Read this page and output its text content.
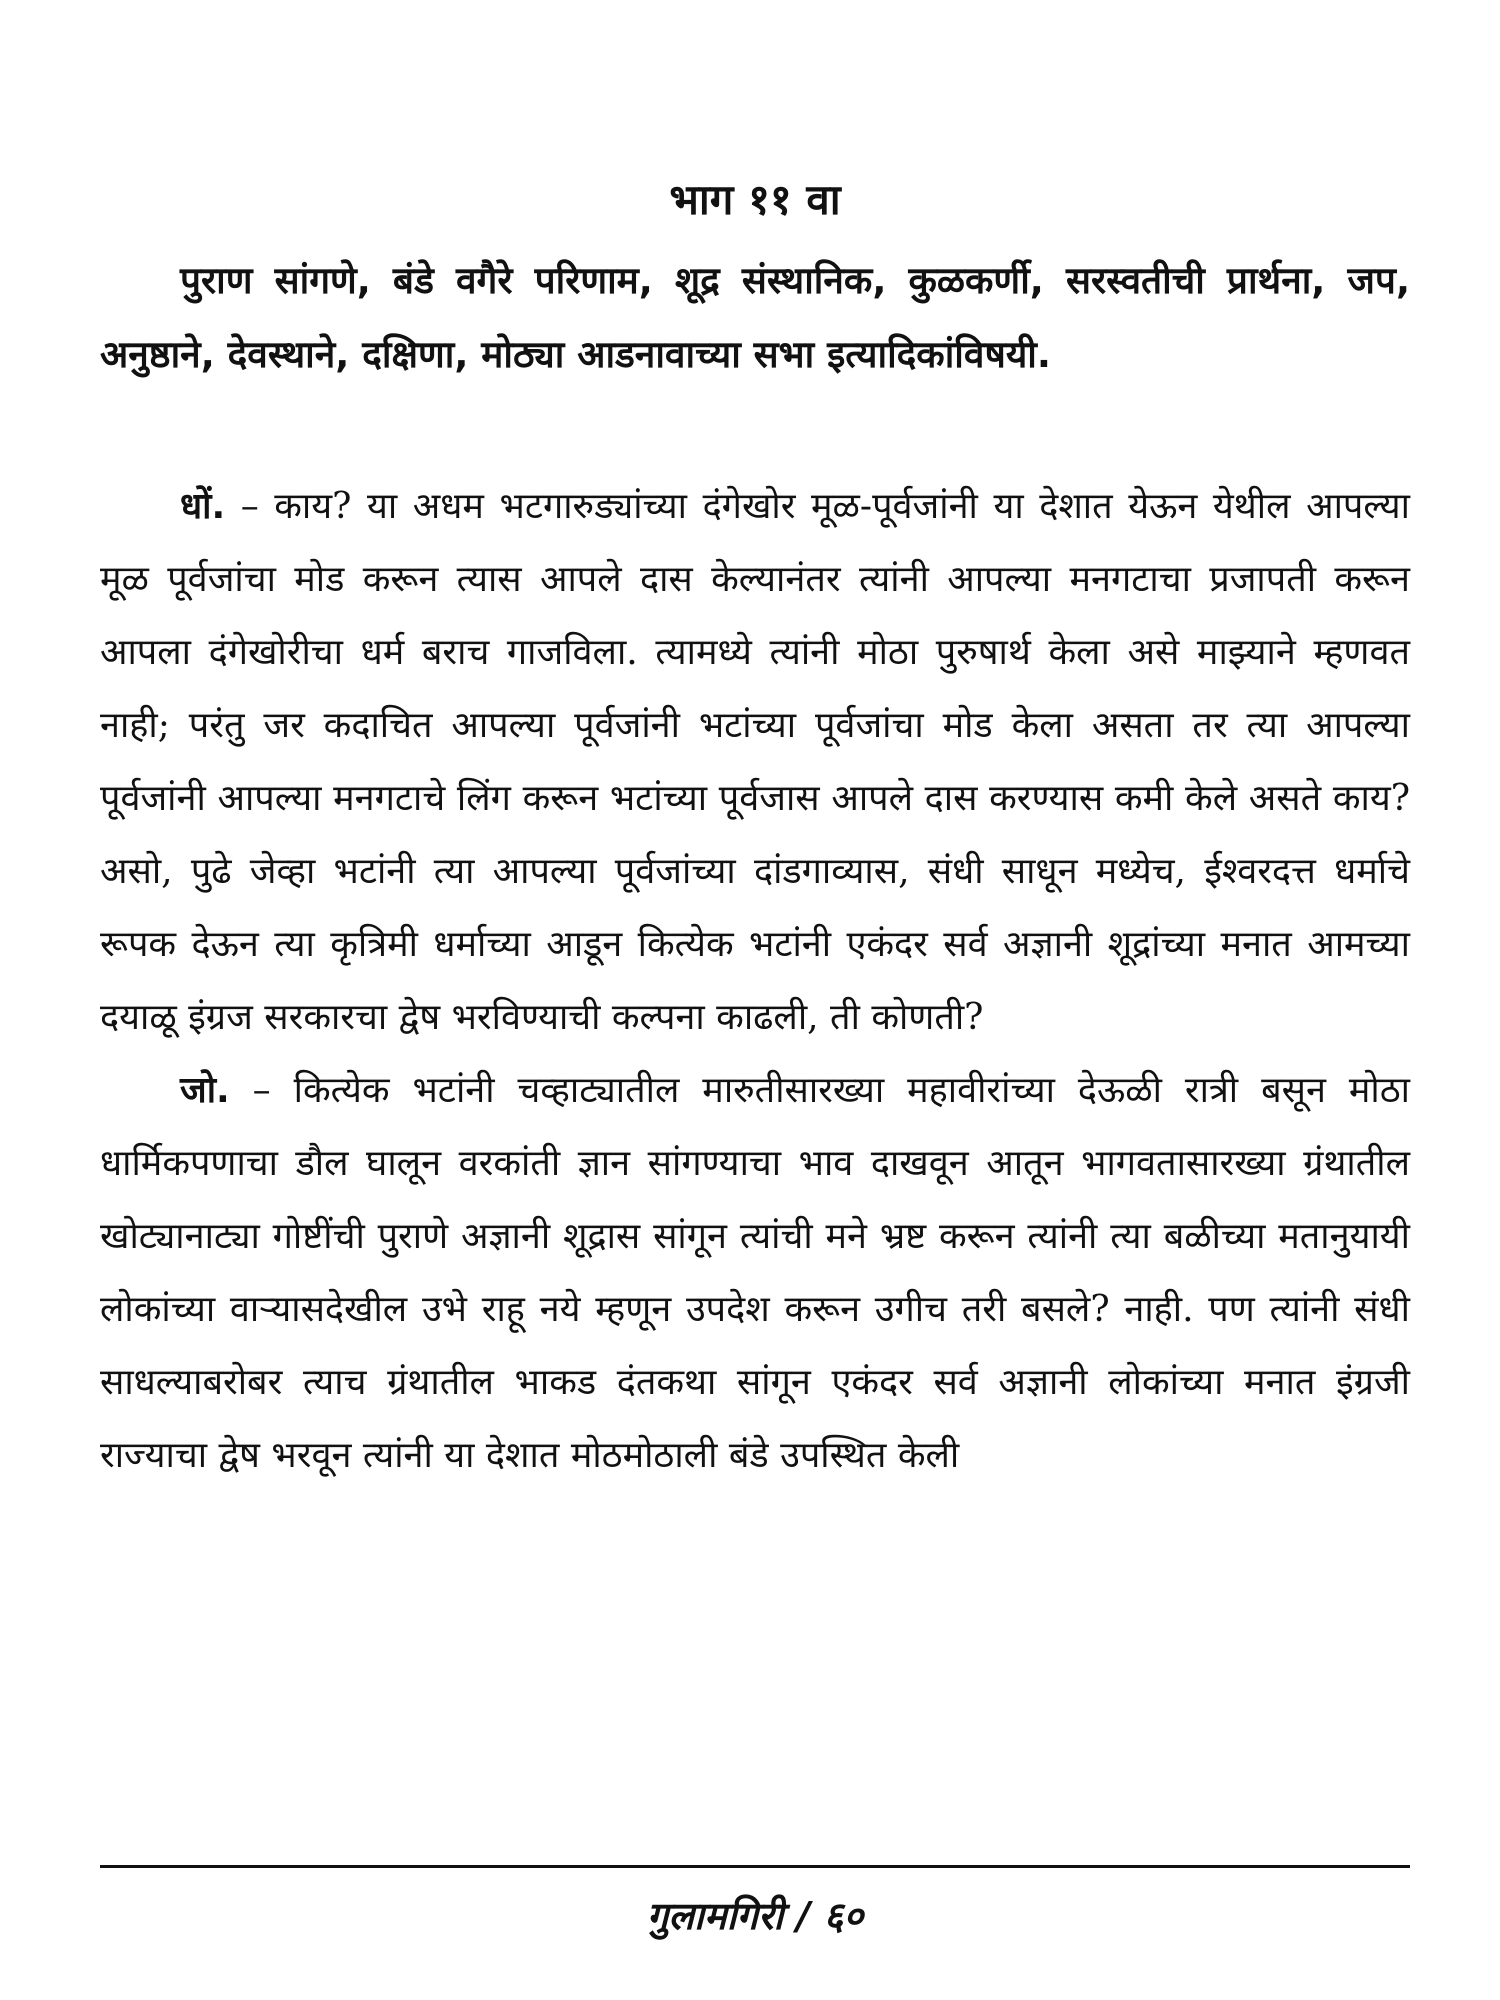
भाग ११ वा

पुराण सांगणे, बंडे वगैरे परिणाम, शूद्र संस्थानिक, कुळकर्णी, सरस्वतीची प्रार्थना, जप, अनुष्ठाने, देवस्थाने, दक्षिणा, मोठ्या आडनावाच्या सभा इत्यादिकांविषयी.

धों. – काय? या अधम भटगारुड्यांच्या दंगेखोर मूळ-पूर्वजांनी या देशात येऊन येथील आपल्या मूळ पूर्वजांचा मोड करून त्यास आपले दास केल्यानंतर त्यांनी आपल्या मनगटाचा प्रजापती करून आपला दंगेखोरीचा धर्म बराच गाजविला. त्यामध्ये त्यांनी मोठा पुरुषार्थ केला असे माझ्याने म्हणवत नाही; परंतु जर कदाचित आपल्या पूर्वजांनी भटांच्या पूर्वजांचा मोड केला असता तर त्या आपल्या पूर्वजांनी आपल्या मनगटाचे लिंग करून भटांच्या पूर्वजास आपले दास करण्यास कमी केले असते काय? असो, पुढे जेव्हा भटांनी त्या आपल्या पूर्वजांच्या दांडगाव्यास, संधी साधून मध्येच, ईश्वरदत्त धर्माचे रूपक देऊन त्या कृत्रिमी धर्माच्या आडून कित्येक भटांनी एकंदर सर्व अज्ञानी शूद्रांच्या मनात आमच्या दयाळू इंग्रज सरकारचा द्वेष भरविण्याची कल्पना काढली, ती कोणती?

जो. – कित्येक भटांनी चव्हाट्यातील मारुतीसारख्या महावीरांच्या देऊळी रात्री बसून मोठा धार्मिकपणाचा डौल घालून वरकांती ज्ञान सांगण्याचा भाव दाखवून आतून भागवतासारख्या ग्रंथातील खोट्यानाट्या गोष्टींची पुराणे अज्ञानी शूद्रास सांगून त्यांची मने भ्रष्ट करून त्यांनी त्या बळीच्या मतानुयायी लोकांच्या वाऱ्यासदेखील उभे राहू नये म्हणून उपदेश करून उगीच तरी बसले? नाही. पण त्यांनी संधी साधल्याबरोबर त्याच ग्रंथातील भाकड दंतकथा सांगून एकंदर सर्व अज्ञानी लोकांच्या मनात इंग्रजी राज्याचा द्वेष भरवून त्यांनी या देशात मोठमोठाली बंडे उपस्थित केली

गुलामगिरी / ६०
